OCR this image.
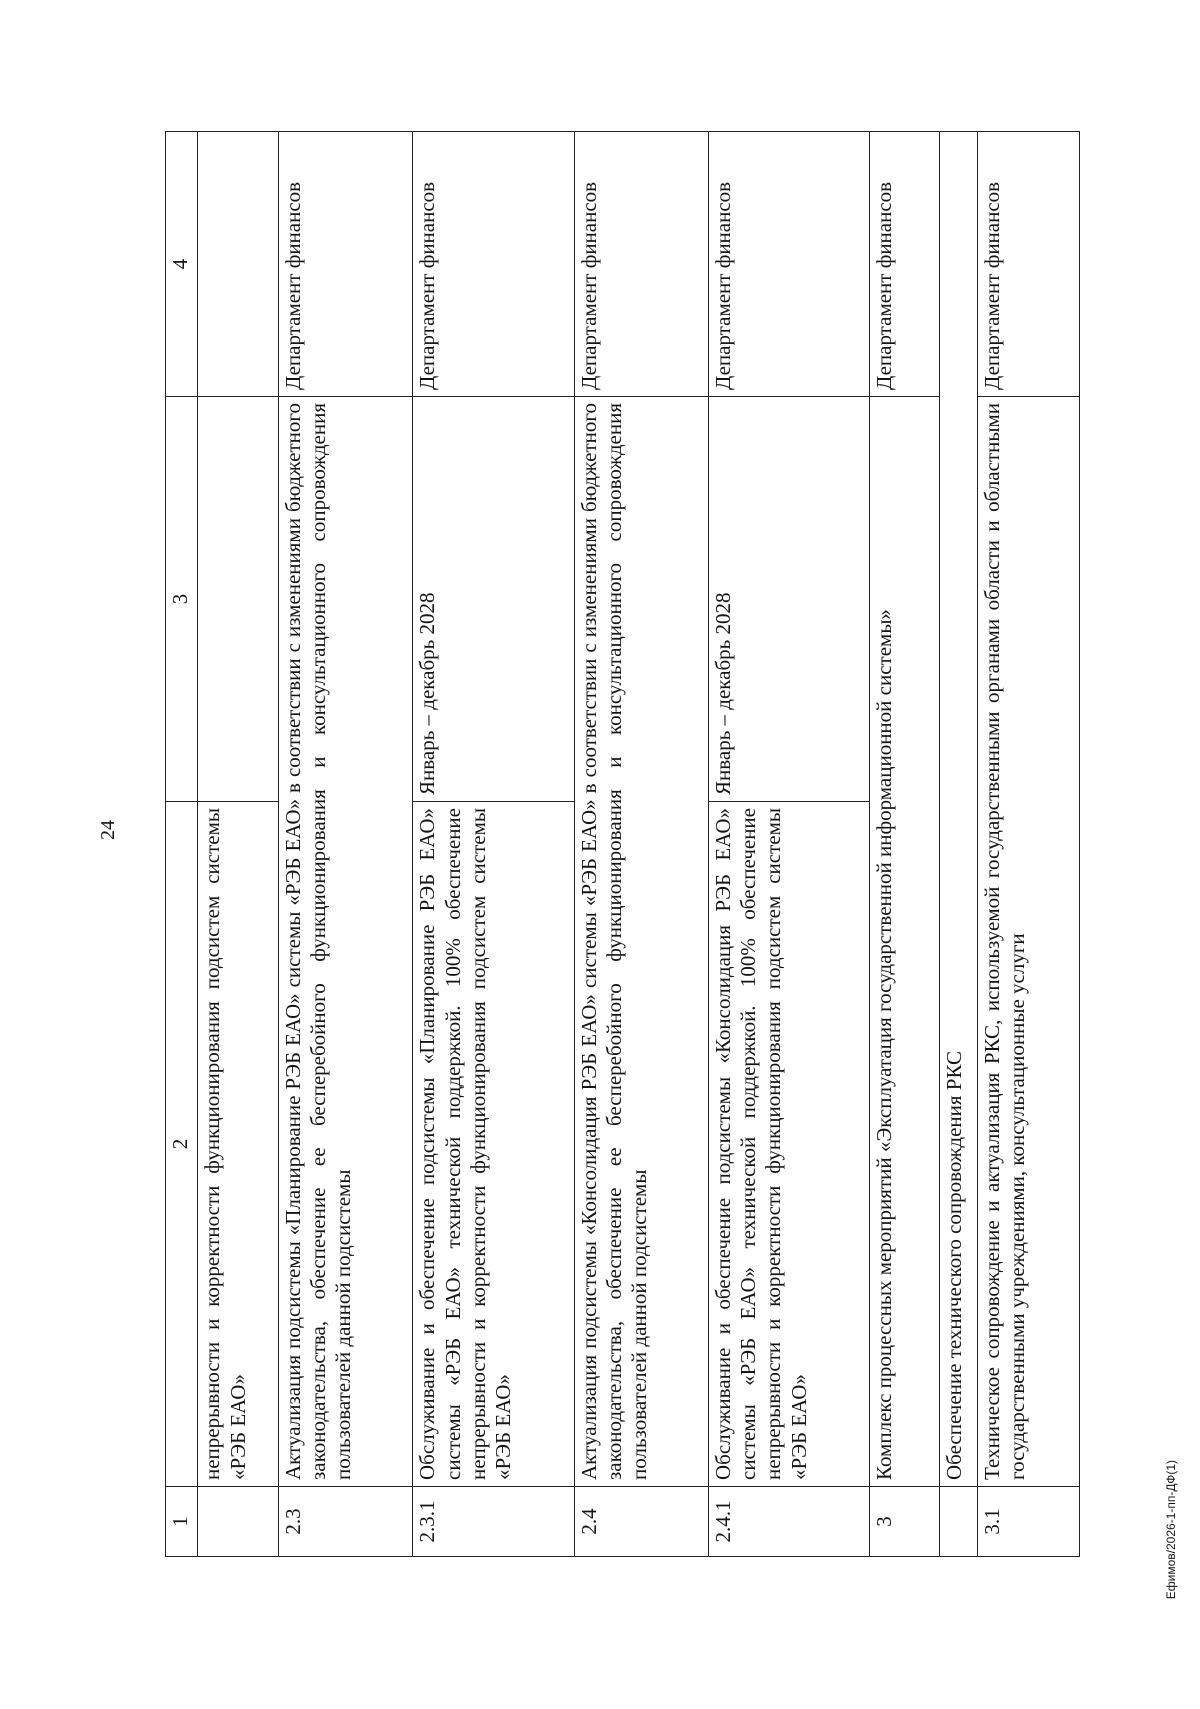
24
Ефимов/2026-1-пп-ДФ(1)
1	2	3	4
	непрерывности и корректности функционирования подсистем системы «РЭБ ЕАО»		
2.3	Актуализация подсистемы «Планирование РЭБ ЕАО» системы «РЭБ ЕАО» в соответствии с изменениями бюджетного законодательства, обеспечение ее бесперебойного функционирования и консультационного сопровождения пользователей данной подсистемы		Департамент финансов
2.3.1	Обслуживание и обеспечение подсистемы «Планирование РЭБ ЕАО» системы «РЭБ ЕАО» технической поддержкой. 100% обеспечение непрерывности и корректности функционирования подсистем системы «РЭБ ЕАО»	Январь – декабрь 2028	Департамент финансов
2.4	Актуализация подсистемы «Консолидация РЭБ ЕАО» системы «РЭБ ЕАО» в соответствии с изменениями бюджетного законодательства, обеспечение ее бесперебойного функционирования и консультационного сопровождения пользователей данной подсистемы		Департамент финансов
2.4.1	Обслуживание и обеспечение подсистемы «Консолидация РЭБ ЕАО» системы «РЭБ ЕАО» технической поддержкой. 100% обеспечение непрерывности и корректности функционирования подсистем системы «РЭБ ЕАО»	Январь – декабрь 2028	Департамент финансов
3	Комплекс процессных мероприятий «Эксплуатация государственной информационной системы»		Департамент финансов
	Обеспечение технического сопровождения РКС		
3.1	Техническое сопровождение и актуализация РКС, используемой государственными органами области и областными государственными учреждениями, консультационные услуги		Департамент финансов
